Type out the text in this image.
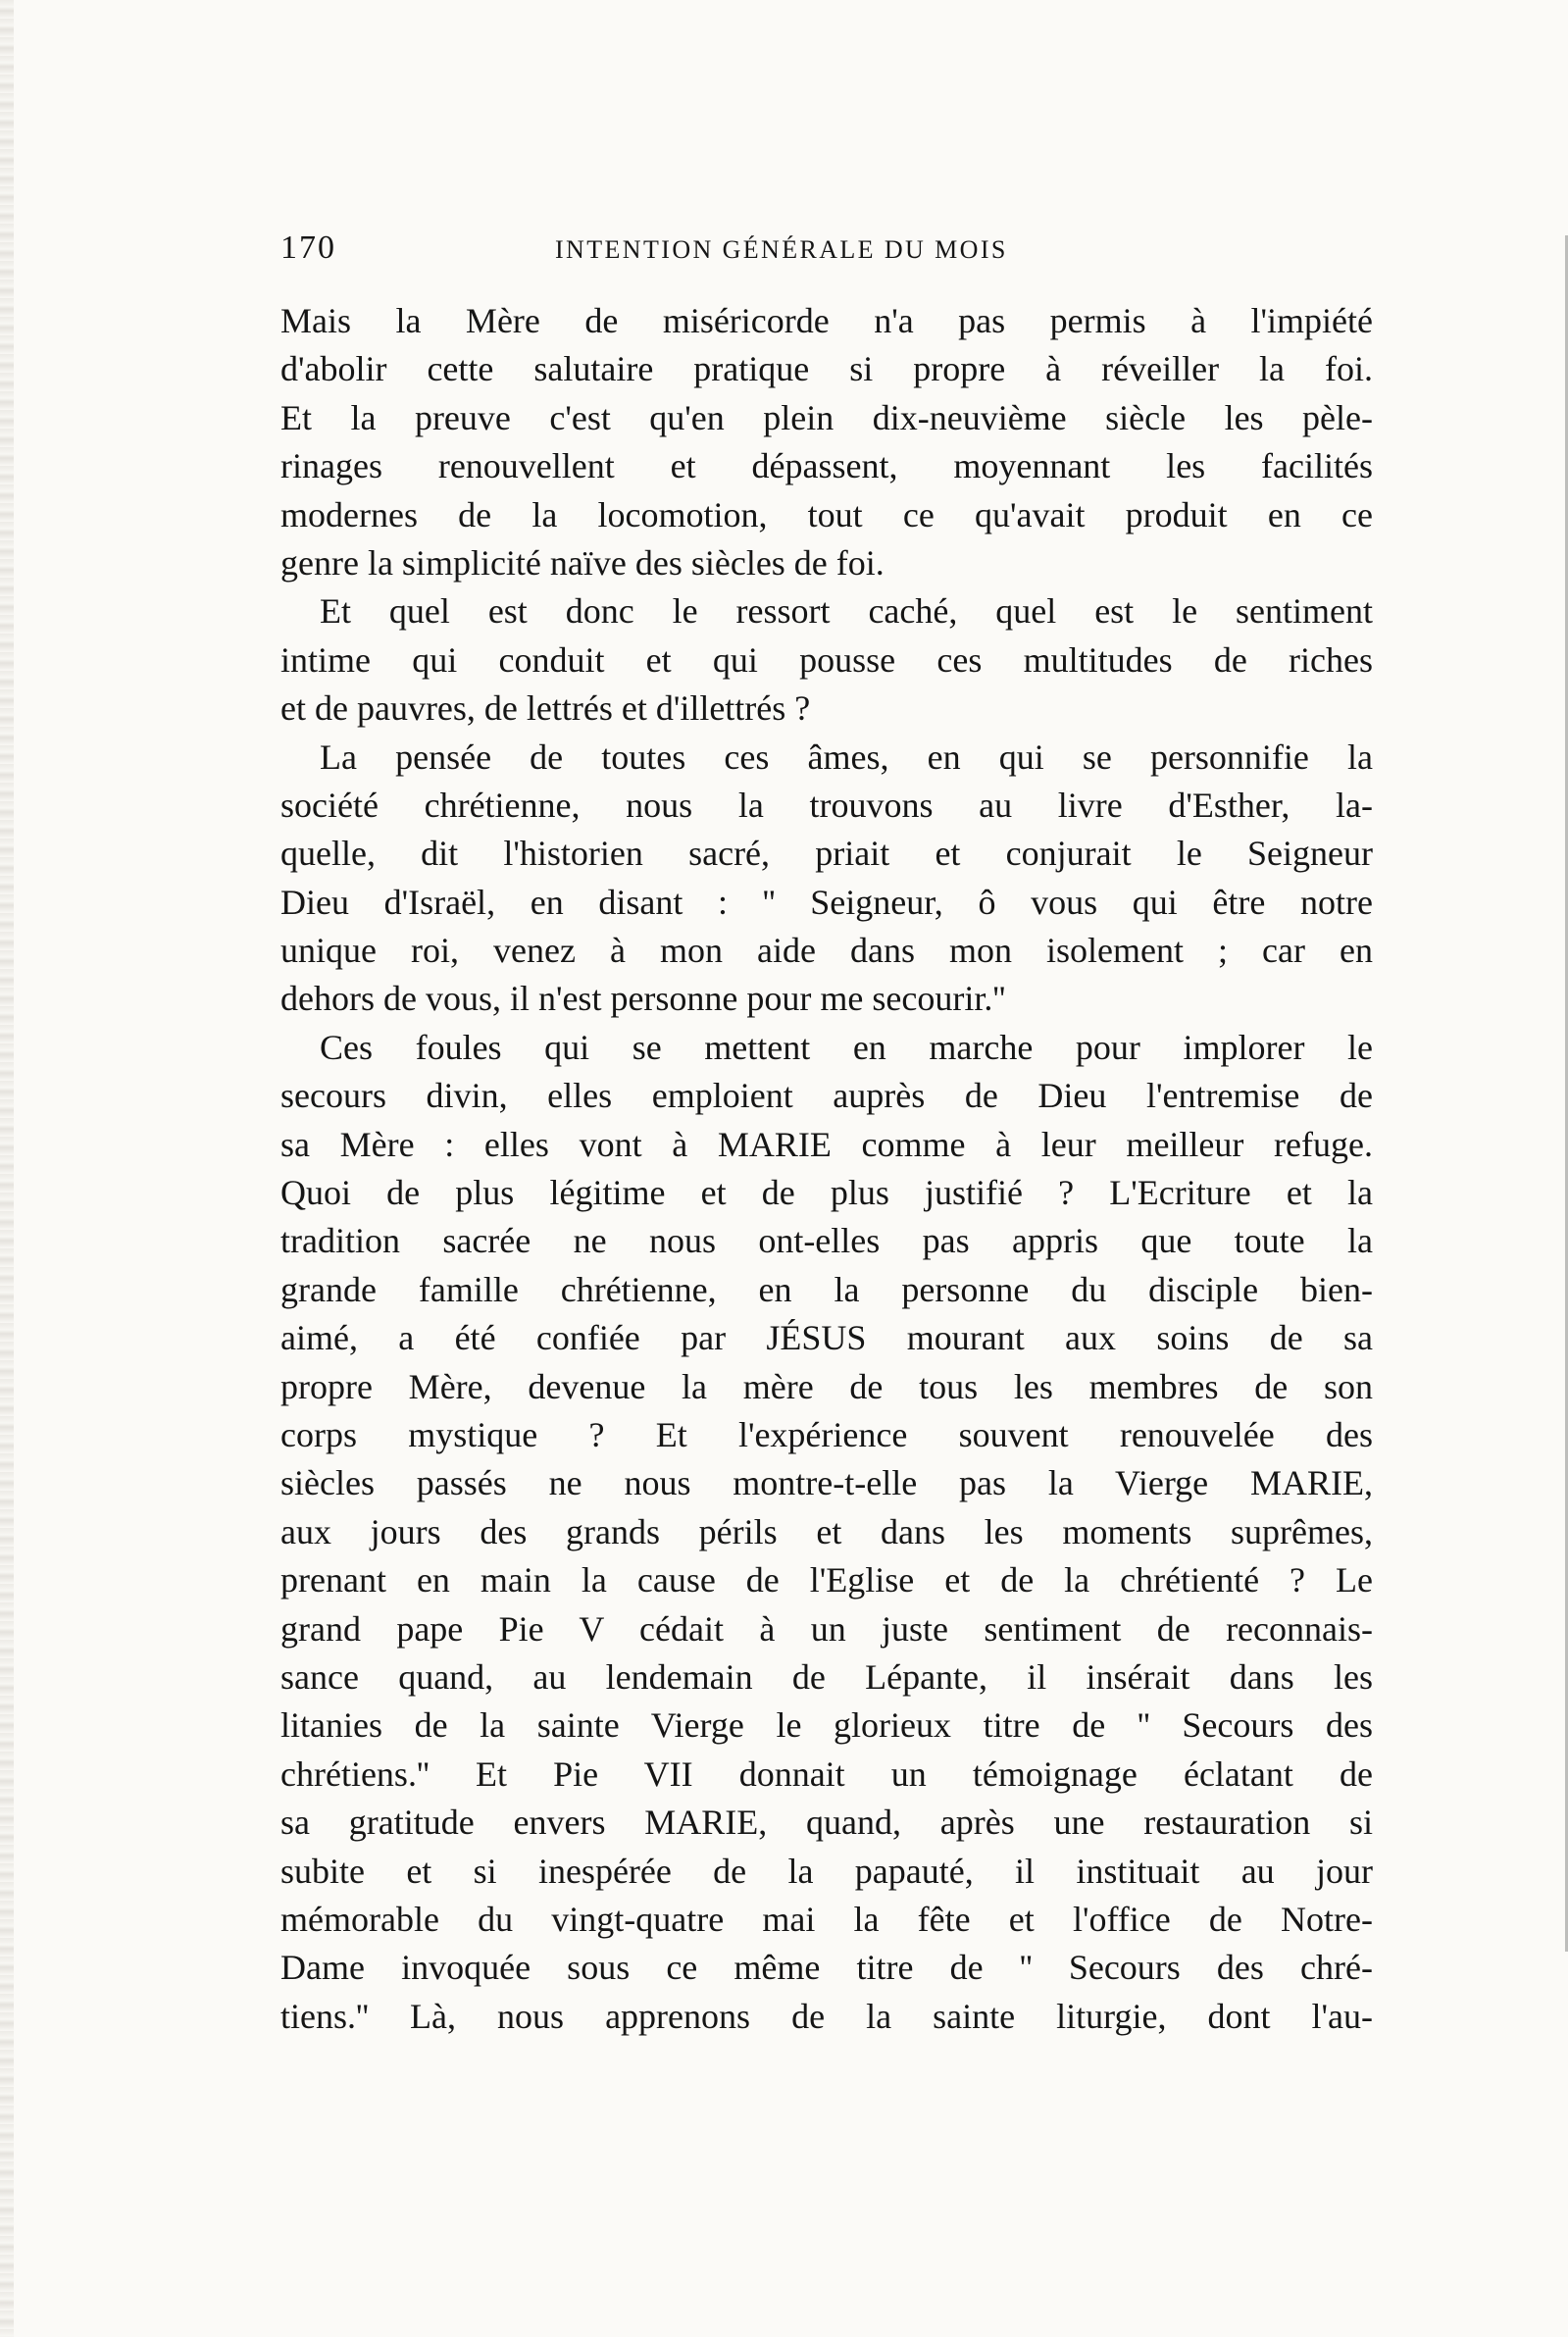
170	INTENTION GÉNÉRALE DU MOIS
Mais la Mère de miséricorde n'a pas permis à l'impiété
d'abolir cette salutaire pratique si propre à réveiller la foi.
Et la preuve c'est qu'en plein dix-neuvième siècle les pèle-
rinages renouvellent et dépassent, moyennant les facilités
modernes de la locomotion, tout ce qu'avait produit en ce
genre la simplicité naïve des siècles de foi.
Et quel est donc le ressort caché, quel est le sentiment
intime qui conduit et qui pousse ces multitudes de riches
et de pauvres, de lettrés et d'illettrés ?
La pensée de toutes ces âmes, en qui se personnifie la
société chrétienne, nous la trouvons au livre d'Esther, la-
quelle, dit l'historien sacré, priait et conjurait le Seigneur
Dieu d'Israël, en disant : '' Seigneur, ô vous qui être notre
unique roi, venez à mon aide dans mon isolement ; car en
dehors de vous, il n'est personne pour me secourir.''
Ces foules qui se mettent en marche pour implorer le
secours divin, elles emploient auprès de Dieu l'entremise de
sa Mère : elles vont à MARIE comme à leur meilleur refuge.
Quoi de plus légitime et de plus justifié ? L'Ecriture et la
tradition sacrée ne nous ont-elles pas appris que toute la
grande famille chrétienne, en la personne du disciple bien-
aimé, a été confiée par JÉSUS mourant aux soins de sa
propre Mère, devenue la mère de tous les membres de son
corps mystique ? Et l'expérience souvent renouvelée des
siècles passés ne nous montre-t-elle pas la Vierge MARIE,
aux jours des grands périls et dans les moments suprêmes,
prenant en main la cause de l'Eglise et de la chrétienté ? Le
grand pape Pie V cédait à un juste sentiment de reconnais-
sance quand, au lendemain de Lépante, il insérait dans les
litanies de la sainte Vierge le glorieux titre de '' Secours des
chrétiens.'' Et Pie VII donnait un témoignage éclatant de
sa gratitude envers MARIE, quand, après une restauration si
subite et si inespérée de la papauté, il instituait au jour
mémorable du vingt-quatre mai la fête et l'office de Notre-
Dame invoquée sous ce même titre de '' Secours des chré-
tiens.'' Là, nous apprenons de la sainte liturgie, dont l'au-
